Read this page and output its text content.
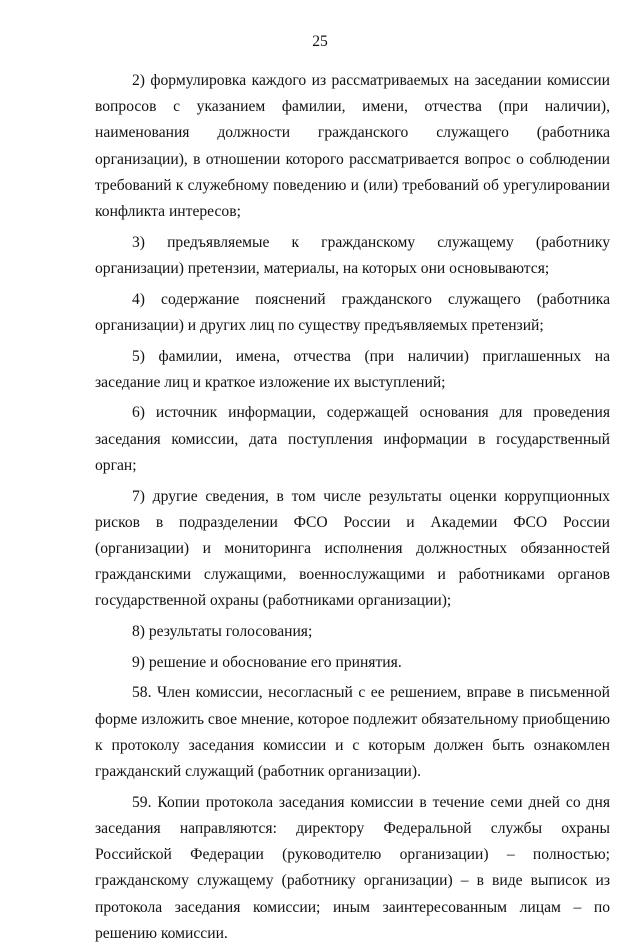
25

2) формулировка каждого из рассматриваемых на заседании комиссии вопросов с указанием фамилии, имени, отчества (при наличии), наименования должности гражданского служащего (работника организации), в отношении которого рассматривается вопрос о соблюдении требований к служебному поведению и (или) требований об урегулировании конфликта интересов;

3) предъявляемые к гражданскому служащему (работнику организации) претензии, материалы, на которых они основываются;

4) содержание пояснений гражданского служащего (работника организации) и других лиц по существу предъявляемых претензий;

5) фамилии, имена, отчества (при наличии) приглашенных на заседание лиц и краткое изложение их выступлений;

6) источник информации, содержащей основания для проведения заседания комиссии, дата поступления информации в государственный орган;

7) другие сведения, в том числе результаты оценки коррупционных рисков в подразделении ФСО России и Академии ФСО России (организации) и мониторинга исполнения должностных обязанностей гражданскими служащими, военнослужащими и работниками органов государственной охраны (работниками организации);

8) результаты голосования;

9) решение и обоснование его принятия.

58. Член комиссии, несогласный с ее решением, вправе в письменной форме изложить свое мнение, которое подлежит обязательному приобщению к протоколу заседания комиссии и с которым должен быть ознакомлен гражданский служащий (работник организации).

59. Копии протокола заседания комиссии в течение семи дней со дня заседания направляются: директору Федеральной службы охраны Российской Федерации (руководителю организации) – полностью; гражданскому служащему (работнику организации) – в виде выписок из протокола заседания комиссии; иным заинтересованным лицам – по решению комиссии.
